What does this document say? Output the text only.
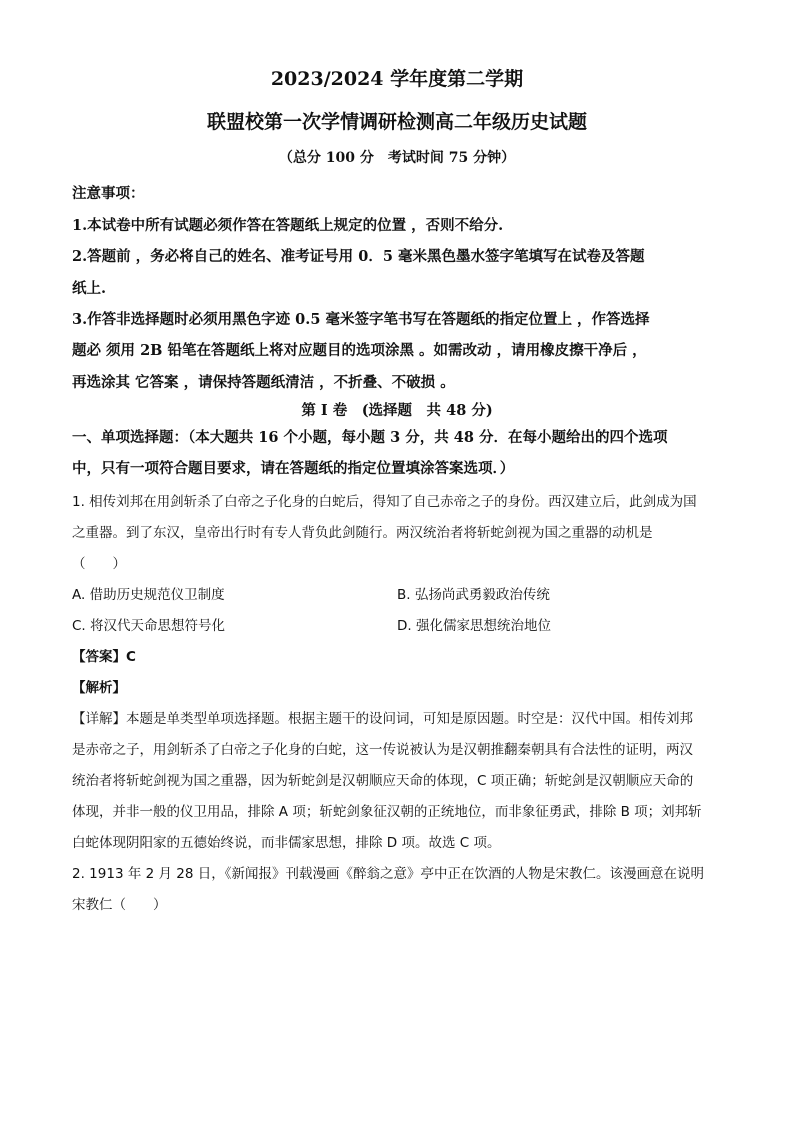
2023/2024 学年度第二学期
联盟校第一次学情调研检测高二年级历史试题
（总分 100 分　考试时间 75 分钟）
注意事项：
1.本试卷中所有试题必须作答在答题纸上规定的位置 ，否则不给分.
2.答题前 ，务必将自己的姓名、准考证号用 0．5 毫米黑色墨水签字笔填写在试卷及答题
纸上.
3.作答非选择题时必须用黑色字迹 0.5 毫米签字笔书写在答题纸的指定位置上 ，作答选择
题必 须用 2B 铅笔在答题纸上将对应题目的选项涂黑 。如需改动 ，请用橡皮擦干净后 ，
再选涂其 它答案 ，请保持答题纸清洁 ，不折叠、不破损 。
第 I 卷　(选择题　共 48 分)
一、单项选择题：（本大题共 16 个小题，每小题 3 分，共 48 分．在每小题给出的四个选项
中，只有一项符合题目要求，请在答题纸的指定位置填涂答案选项．）
1. 相传刘邦在用剑斩杀了白帝之子化身的白蛇后，得知了自己赤帝之子的身份。西汉建立后，此剑成为国
之重器。到了东汉，皇帝出行时有专人背负此剑随行。两汉统治者将斩蛇剑视为国之重器的动机是
（　　）
A. 借助历史规范仪卫制度	B. 弘扬尚武勇毅政治传统
C. 将汉代天命思想符号化	D. 强化儒家思想统治地位
【答案】C
【解析】
【详解】本题是单类型单项选择题。根据主题干的设问词，可知是原因题。时空是：汉代中国。相传刘邦
是赤帝之子，用剑斩杀了白帝之子化身的白蛇，这一传说被认为是汉朝推翻秦朝具有合法性的证明，两汉
统治者将斩蛇剑视为国之重器，因为斩蛇剑是汉朝顺应天命的体现，C 项正确；斩蛇剑是汉朝顺应天命的
体现，并非一般的仪卫用品，排除 A 项；斩蛇剑象征汉朝的正统地位，而非象征勇武，排除 B 项；刘邦斩
白蛇体现阴阳家的五德始终说，而非儒家思想，排除 D 项。故选 C 项。
2. 1913 年 2 月 28 日，《新闻报》刊载漫画《醉翁之意》亭中正在饮酒的人物是宋教仁。该漫画意在说明
宋教仁（　　）
